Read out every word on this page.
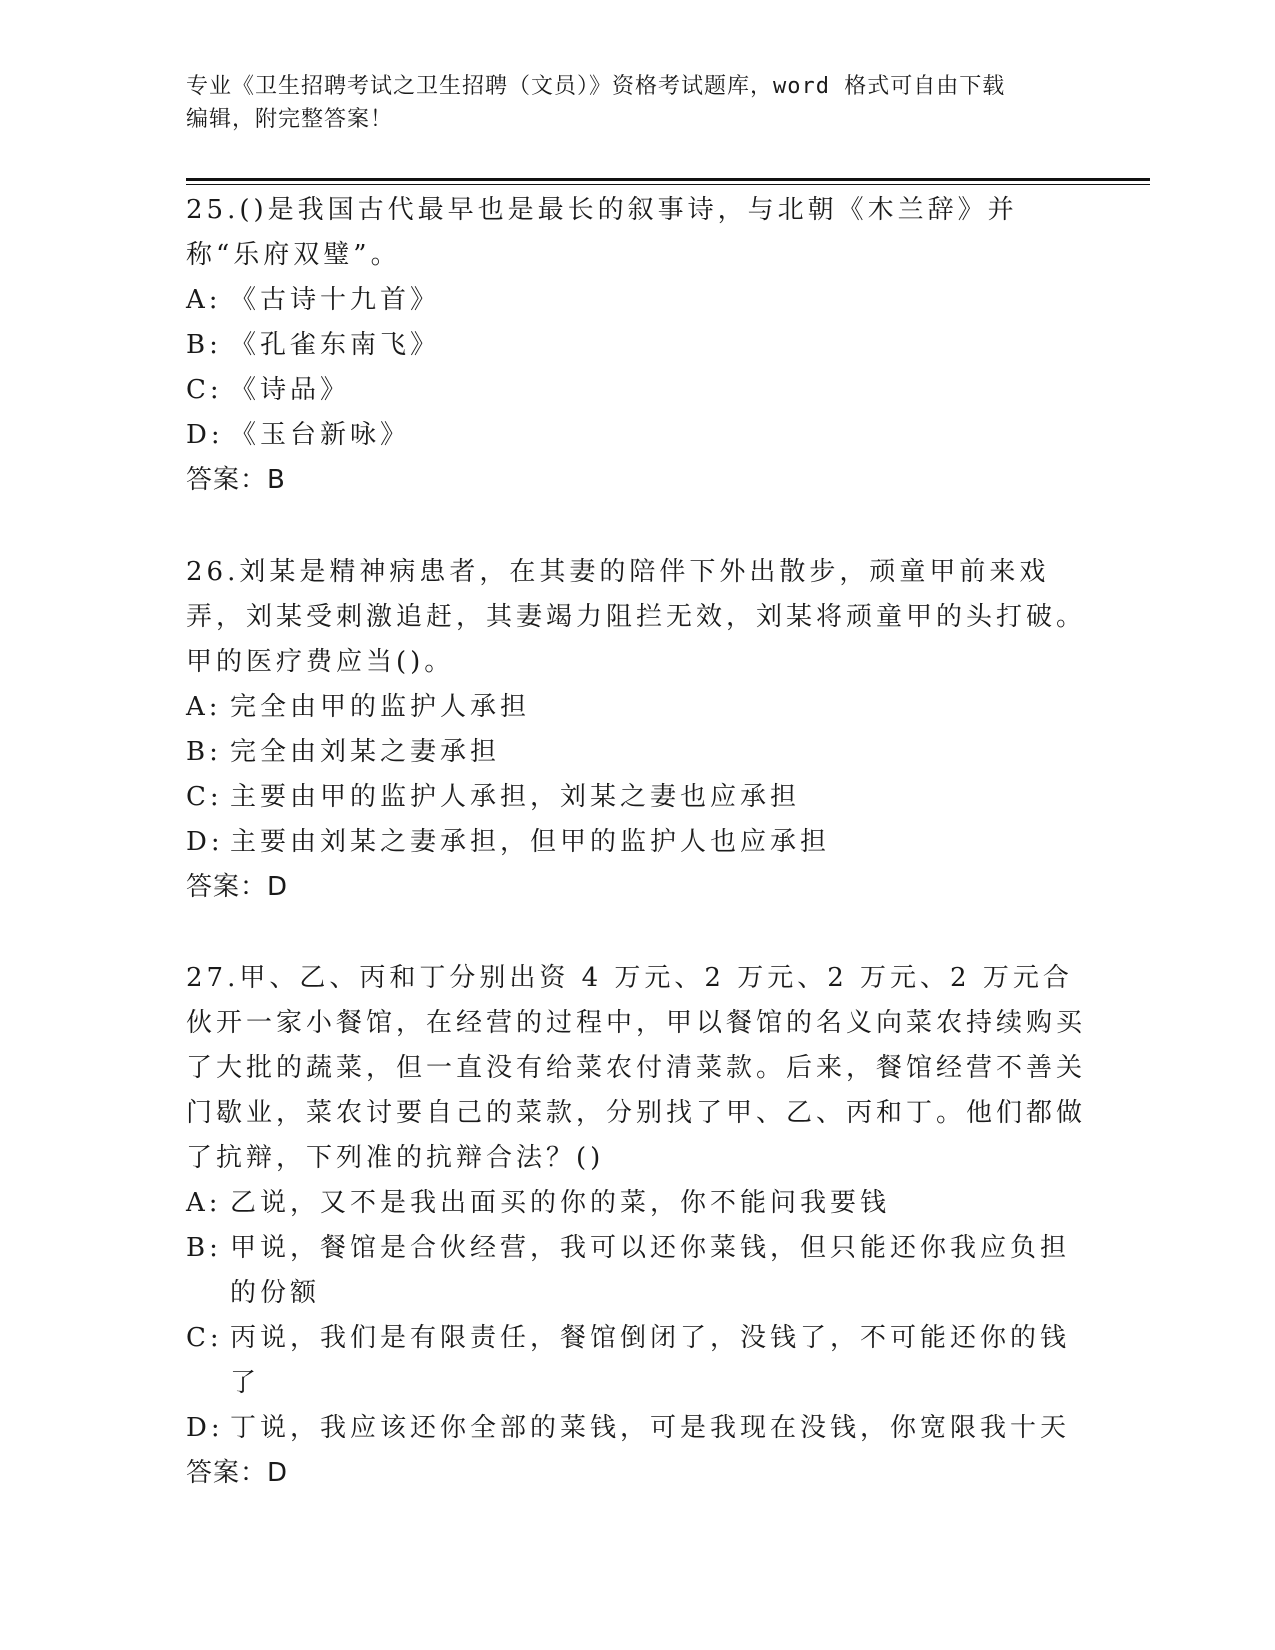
专业《卫生招聘考试之卫生招聘（文员）》资格考试题库，word 格式可自由下载
编辑，附完整答案！

25.()是我国古代最早也是最长的叙事诗，与北朝《木兰辞》并称“乐府双璧”。

A: 《古诗十九首》

B: 《孔雀东南飞》

C: 《诗品》

D: 《玉台新咏》

答案：B

26.刘某是精神病患者，在其妻的陪伴下外出散步，顽童甲前来戏弄，刘某受刺激追赶，其妻竭力阻拦无效，刘某将顽童甲的头打破。甲的医疗费应当()。

A: 完全由甲的监护人承担

B: 完全由刘某之妻承担

C: 主要由甲的监护人承担，刘某之妻也应承担

D: 主要由刘某之妻承担，但甲的监护人也应承担

答案：D

27.甲、乙、丙和丁分别出资 4 万元、2 万元、2 万元、2 万元合伙开一家小餐馆，在经营的过程中，甲以餐馆的名义向菜农持续购买了大批的蔬菜，但一直没有给菜农付清菜款。后来，餐馆经营不善关门歇业，菜农讨要自己的菜款，分别找了甲、乙、丙和丁。他们都做了抗辩，下列准的抗辩合法？()

A: 乙说，又不是我出面买的你的菜，你不能问我要钱

B: 甲说，餐馆是合伙经营，我可以还你菜钱，但只能还你我应负担的份额

C: 丙说，我们是有限责任，餐馆倒闭了，没钱了，不可能还你的钱了

D: 丁说，我应该还你全部的菜钱，可是我现在没钱，你宽限我十天

答案：D
